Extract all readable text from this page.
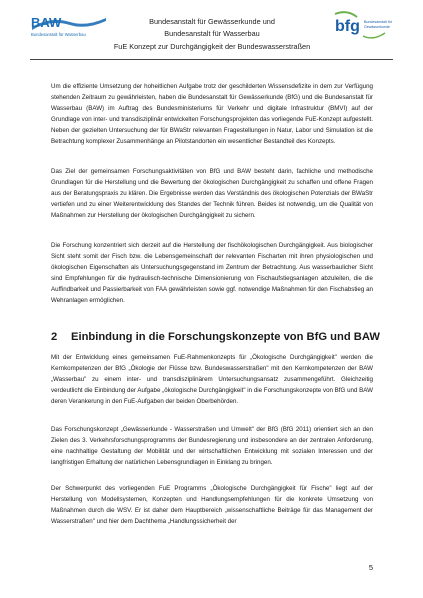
BAW
Bundesanstalt für Wasserbau
Bundesanstalt für Gewässerkunde und
Bundesanstalt für Wasserbau
FuE Konzept zur Durchgängigkeit der Bundeswasserstraßen
bfg Bundesanstalt für
Gewässerkunde

Um die effiziente Umsetzung der hoheitlichen Aufgabe trotz der geschilderten Wissensdefizite in dem zur Verfügung stehenden Zeitraum zu gewährleisten, haben die Bundesanstalt für Gewässerkunde (BfG) und die Bundesanstalt für Wasserbau (BAW) im Auftrag des Bundesministeriums für Verkehr und digitale Infrastruktur (BMVI) auf der Grundlage von inter- und transdisziplinär entwickelten Forschungsprojekten das vorliegende FuE-Konzept aufgestellt. Neben der gezielten Untersuchung der für BWaStr relevanten Fragestellungen in Natur, Labor und Simulation ist die Betrachtung komplexer Zusammenhänge an Pilotstandorten ein wesentlicher Bestandteil des Konzepts.

Das Ziel der gemeinsamen Forschungsaktivitäten von BfG und BAW besteht darin, fachliche und methodische Grundlagen für die Herstellung und die Bewertung der ökologischen Durchgängigkeit zu schaffen und offene Fragen aus der Beratungspraxis zu klären. Die Ergebnisse werden das Verständnis des ökologischen Potenzials der BWaStr vertiefen und zu einer Weiterentwicklung des Standes der Technik führen. Beides ist notwendig, um die Qualität von Maßnahmen zur Herstellung der ökologischen Durchgängigkeit zu sichern.

Die Forschung konzentriert sich derzeit auf die Herstellung der fischökologischen Durchgängigkeit. Aus biologischer Sicht steht somit der Fisch bzw. die Lebensgemeinschaft der relevanten Fischarten mit ihren physiologischen und ökologischen Eigenschaften als Untersuchungsgegenstand im Zentrum der Betrachtung. Aus wasserbaulicher Sicht sind Empfehlungen für die hydraulisch-technische Dimensionierung von Fischaufstiegsanlagen abzuleiten, die die Auffindbarkeit und Passierbarkeit von FAA gewährleisten sowie ggf. notwendige Maßnahmen für den Fischabstieg an Wehranlagen ermöglichen.

2 Einbindung in die Forschungskonzepte von BfG und BAW

Mit der Entwicklung eines gemeinsamen FuE-Rahmenkonzepts für „Ökologische Durchgängigkeit" werden die Kernkompetenzen der BfG „Ökologie der Flüsse bzw. Bundeswasserstraßen" mit den Kernkompetenzen der BAW „Wasserbau" zu einem inter- und transdisziplinärem Untersuchungsansatz zusammengeführt. Gleichzeitig verdeutlicht die Einbindung der Aufgabe „ökologische Durchgängigkeit" in die Forschungskonzepte von BfG und BAW deren Verankerung in den FuE-Aufgaben der beiden Oberbehörden.

Das Forschungskonzept „Gewässerkunde - Wasserstraßen und Umwelt" der BfG (BfG 2011) orientiert sich an den Zielen des 3. Verkehrsforschungsprogramms der Bundesregierung und insbesondere an der zentralen Anforderung, eine nachhaltige Gestaltung der Mobilität und der wirtschaftlichen Entwicklung mit sozialen Interessen und der langfristigen Erhaltung der natürlichen Lebensgrundlagen in Einklang zu bringen.

Der Schwerpunkt des vorliegenden FuE Programms „Ökologische Durchgängigkeit für Fische" liegt auf der Herstellung von Modellsystemen, Konzepten und Handlungsempfehlungen für die konkrete Umsetzung von Maßnahmen durch die WSV. Er ist daher dem Hauptbereich „wissenschaftliche Beiträge für das Management der Wasserstraßen" und hier dem Dachthema „Handlungssicherheit der

5
